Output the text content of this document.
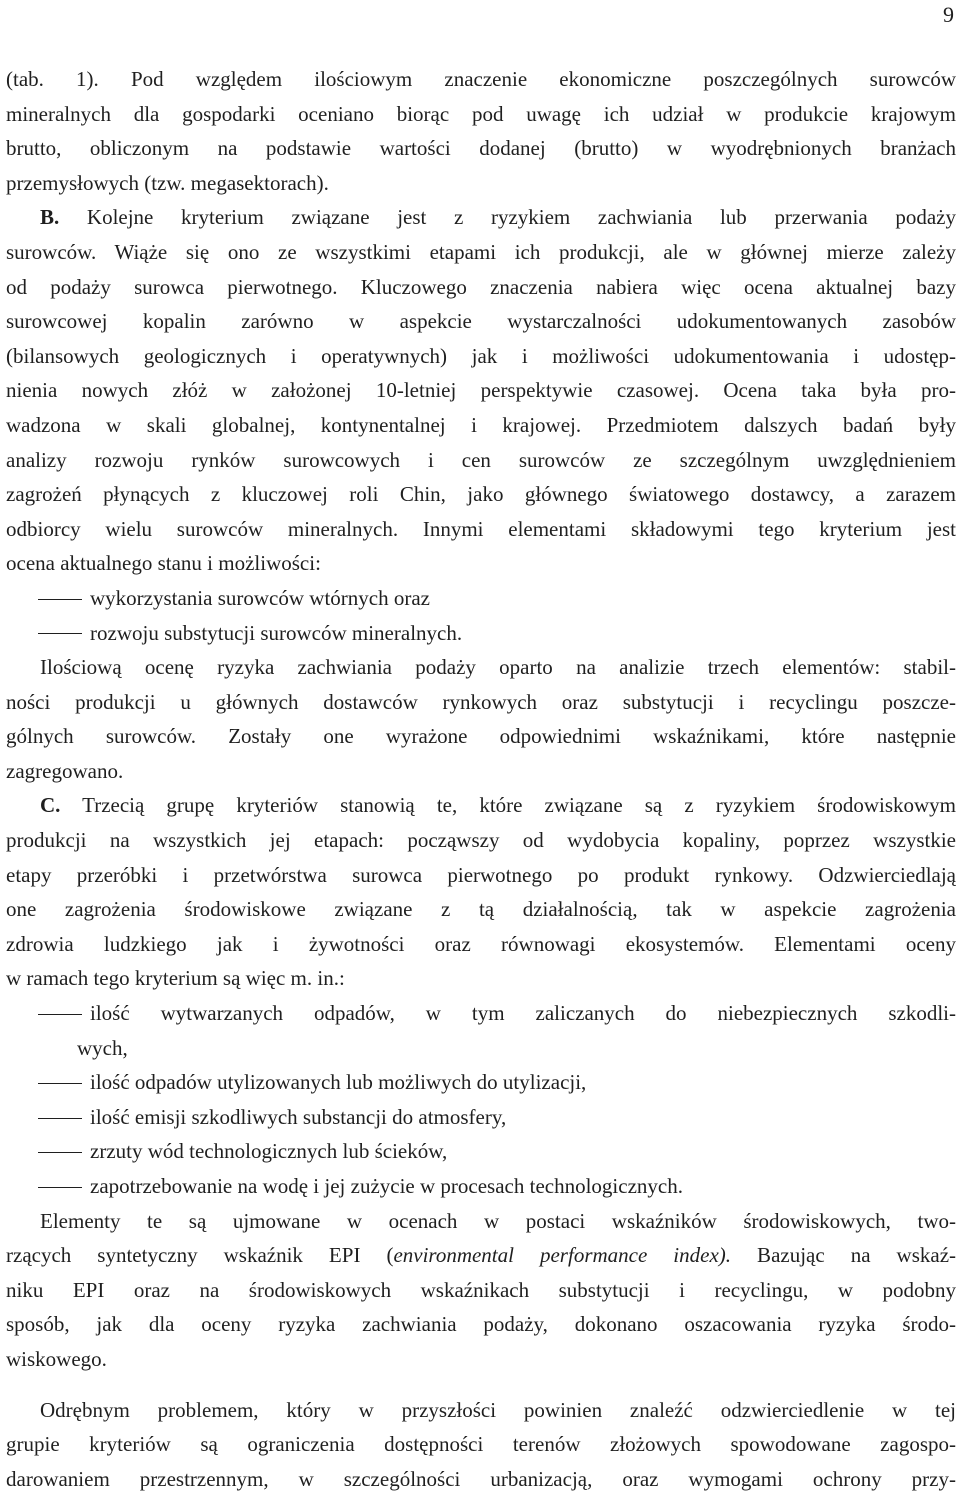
9
(tab. 1). Pod względem ilościowym znaczenie ekonomiczne poszczególnych surowców
mineralnych dla gospodarki oceniano biorąc pod uwagę ich udział w produkcie krajowym
brutto, obliczonym na podstawie wartości dodanej (brutto) w wyodrębnionych branżach
przemysłowych (tzw. megasektorach).
B. Kolejne kryterium związane jest z ryzykiem zachwiania lub przerwania podaży
surowców. Wiąże się ono ze wszystkimi etapami ich produkcji, ale w głównej mierze zależy
od podaży surowca pierwotnego. Kluczowego znaczenia nabiera więc ocena aktualnej bazy
surowcowej kopalin zarówno w aspekcie wystarczalności udokumentowanych zasobów
(bilansowych geologicznych i operatywnych) jak i możliwości udokumentowania i udostęp-
nienia nowych złóż w założonej 10-letniej perspektywie czasowej. Ocena taka była pro-
wadzona w skali globalnej, kontynentalnej i krajowej. Przedmiotem dalszych badań były
analizy rozwoju rynków surowcowych i cen surowców ze szczególnym uwzględnieniem
zagrożeń płynących z kluczowej roli Chin, jako głównego światowego dostawcy, a zarazem
odbiorcy wielu surowców mineralnych. Innymi elementami składowymi tego kryterium jest
ocena aktualnego stanu i możliwości:
wykorzystania surowców wtórnych oraz
rozwoju substytucji surowców mineralnych.
Ilościową ocenę ryzyka zachwiania podaży oparto na analizie trzech elementów: stabil-
ności produkcji u głównych dostawców rynkowych oraz substytucji i recyclingu poszcze-
gólnych surowców. Zostały one wyrażone odpowiednimi wskaźnikami, które następnie
zagregowano.
C. Trzecią grupę kryteriów stanowią te, które związane są z ryzykiem środowiskowym
produkcji na wszystkich jej etapach: począwszy od wydobycia kopaliny, poprzez wszystkie
etapy przeróbki i przetwórstwa surowca pierwotnego po produkt rynkowy. Odzwierciedlają
one zagrożenia środowiskowe związane z tą działalnością, tak w aspekcie zagrożenia
zdrowia ludzkiego jak i żywotności oraz równowagi ekosystemów. Elementami oceny
w ramach tego kryterium są więc m. in.:
ilość wytwarzanych odpadów, w tym zaliczanych do niebezpiecznych szkodli-
wych,
ilość odpadów utylizowanych lub możliwych do utylizacji,
ilość emisji szkodliwych substancji do atmosfery,
zrzuty wód technologicznych lub ścieków,
zapotrzebowanie na wodę i jej zużycie w procesach technologicznych.
Elementy te są ujmowane w ocenach w postaci wskaźników środowiskowych, two-
rzących syntetyczny wskaźnik EPI (environmental performance index). Bazując na wskaź-
niku EPI oraz na środowiskowych wskaźnikach substytucji i recyclingu, w podobny
sposób, jak dla oceny ryzyka zachwiania podaży, dokonano oszacowania ryzyka środo-
wiskowego.
Odrębnym problemem, który w przyszłości powinien znaleźć odzwierciedlenie w tej
grupie kryteriów są ograniczenia dostępności terenów złożowych spowodowane zagospo-
darowaniem przestrzennym, w szczególności urbanizacją, oraz wymogami ochrony przy-
